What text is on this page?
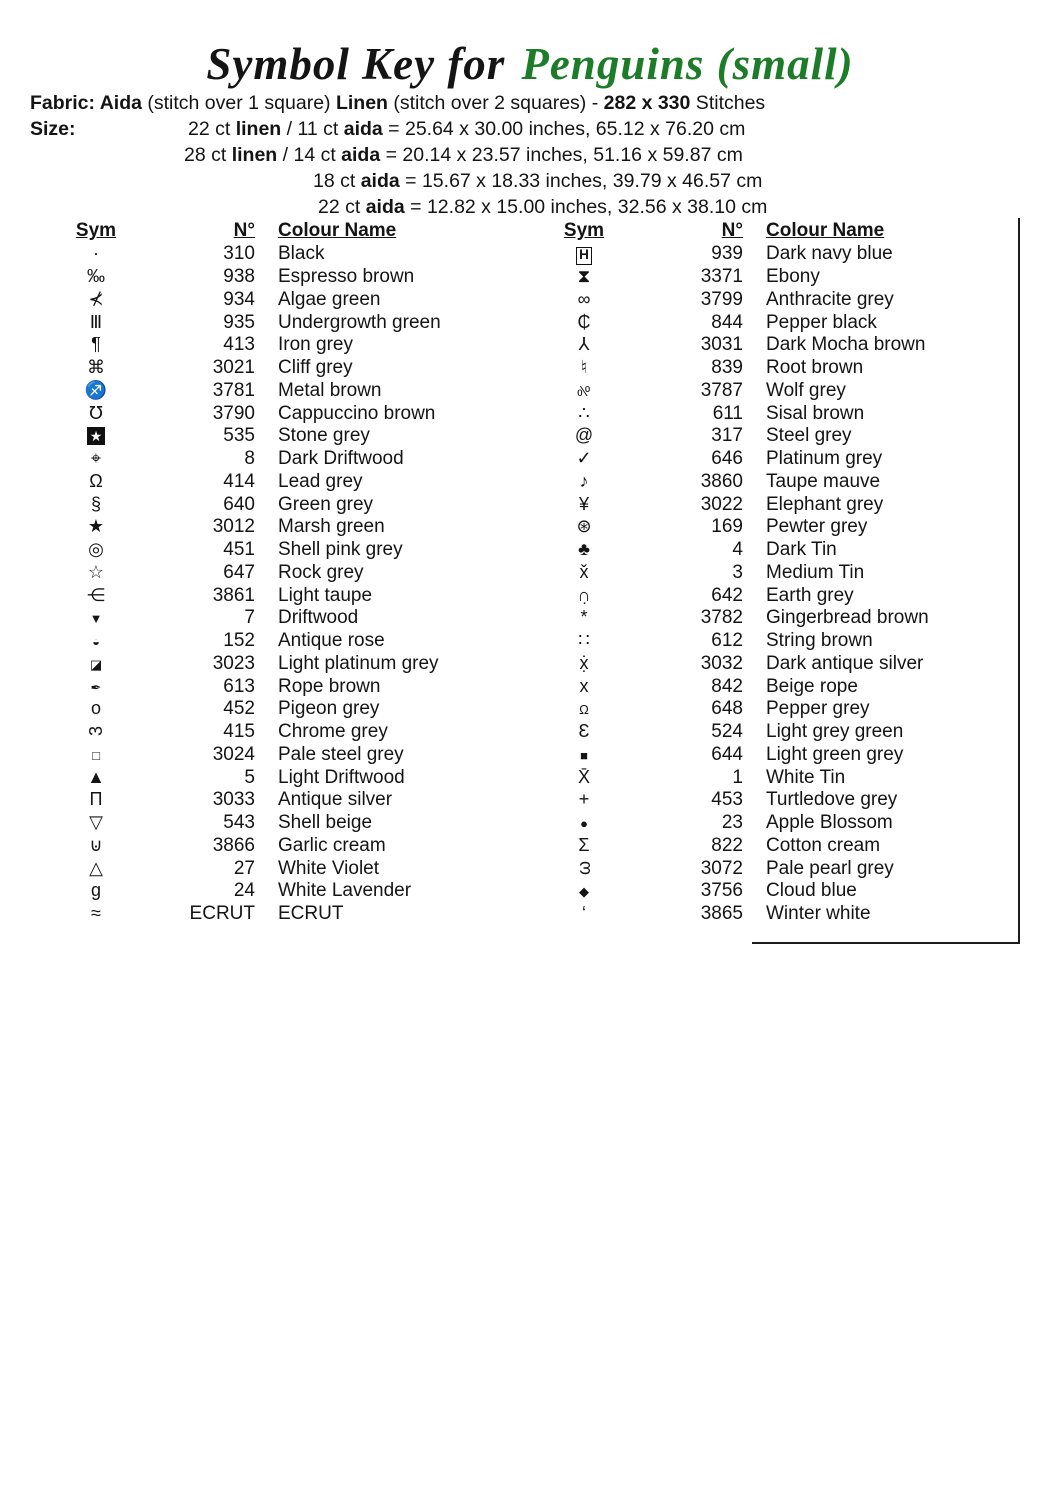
Symbol Key for Penguins (small)
Fabric: Aida (stitch over 1 square) Linen (stitch over 2 squares) - 282 x 330 Stitches
Size:	22 ct linen / 11 ct aida = 25.64 x 30.00 inches, 65.12 x 76.20 cm
28 ct linen / 14 ct aida = 20.14 x 23.57 inches, 51.16 x 59.87 cm
18 ct aida = 15.67 x 18.33 inches, 39.79 x 46.57 cm
22 ct aida = 12.82 x 15.00 inches, 32.56 x 38.10 cm
Sym	N° Colour Name
·	310 Black
‰	938 Espresso brown
⊀	934 Algae green
Ⅲ	935 Undergrowth green
¶	413 Iron grey
⌘	3021 Cliff grey
♐	3781 Metal brown
℧	3790 Cappuccino brown
★	535 Stone grey
⌖	8 Dark Driftwood
Ω	414 Lead grey
§	640 Green grey
★	3012 Marsh green
◎	451 Shell pink grey
☆	647 Rock grey
⋲	3861 Light taupe
▼	7 Driftwood
◒	152 Antique rose
◪	3023 Light platinum grey
✒	613 Rope brown
o	452 Pigeon grey
3	415 Chrome grey
□	3024 Pale steel grey
▲	5 Light Driftwood
Π	3033 Antique silver
▽	543 Shell beige
⊍	3866 Garlic cream
△	27 White Violet
g	24 White Lavender
≈	ECRUT ECRUT
Sym	N° Colour Name
H	939 Dark navy blue
⧗	3371 Ebony
∞	3799 Anthracite grey
₵	844 Pepper black
⅄	3031 Dark Mocha brown
♮	839 Root brown
%	3787 Wolf grey
∴	611 Sisal brown
@	317 Steel grey
✓	646 Platinum grey
♪	3860 Taupe mauve
¥	3022 Elephant grey
⊛	169 Pewter grey
♣	4 Dark Tin
x̌	3 Medium Tin
∩̣	642 Earth grey
*	3782 Gingerbread brown
∷	612 String brown
ẋ̣	3032 Dark antique silver
x	842 Beige rope
Ω	648 Pepper grey
Ɛ	524 Light grey green
■	644 Light green grey
X̄	1 White Tin
+	453 Turtledove grey
●	23 Apple Blossom
Σ	822 Cotton cream
ω	3072 Pale pearl grey
◆	3756 Cloud blue
‘	3865 Winter white
